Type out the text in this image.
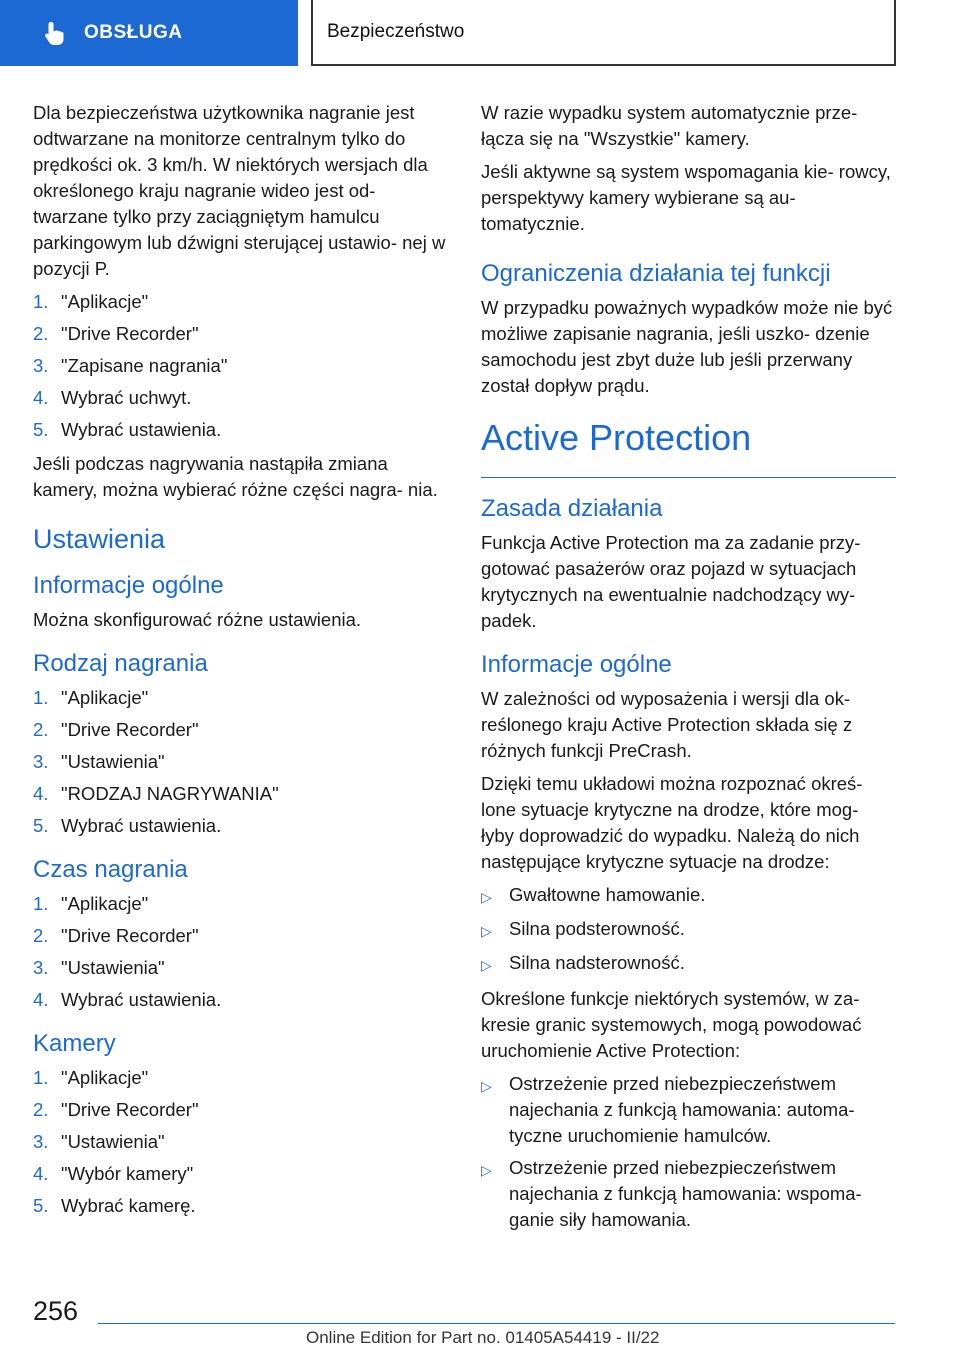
OBSŁUGA	Bezpieczeństwo

Dla bezpieczeństwa użytkownika nagranie jest odtwarzane na monitorze centralnym tylko do prędkości ok. 3 km/h. W niektórych wersjach dla określonego kraju nagranie wideo jest od‐ twarzane tylko przy zaciągniętym hamulcu parkingowym lub dźwigni sterującej ustawio‐ nej w pozycji P.

1. "Aplikacje"
2. "Drive Recorder"
3. "Zapisane nagrania"
4. Wybrać uchwyt.
5. Wybrać ustawienia.

Jeśli podczas nagrywania nastąpiła zmiana kamery, można wybierać różne części nagra‐ nia.

Ustawienia
Informacje ogólne

Można skonfigurować różne ustawienia.

Rodzaj nagrania
1. "Aplikacje"
2. "Drive Recorder"
3. "Ustawienia"
4. "RODZAJ NAGRYWANIA"
5. Wybrać ustawienia.
Czas nagrania
1. "Aplikacje"
2. "Drive Recorder"
3. "Ustawienia"
4. Wybrać ustawienia.
Kamery
1. "Aplikacje"
2. "Drive Recorder"
3. "Ustawienia"
4. "Wybór kamery"
5. Wybrać kamerę.

W razie wypadku system automatycznie prze‐ łącza się na "Wszystkie" kamery.

Jeśli aktywne są system wspomagania kie‐ rowcy, perspektywy kamery wybierane są au‐ tomatycznie.

Ograniczenia działania tej funkcji

W przypadku poważnych wypadków może nie być możliwe zapisanie nagrania, jeśli uszko‐ dzenie samochodu jest zbyt duże lub jeśli przerwany został dopływ prądu.

Active Protection
Zasada działania

Funkcja Active Protection ma za zadanie przy‐ gotować pasażerów oraz pojazd w sytuacjach krytycznych na ewentualnie nadchodzący wy‐ padek.

Informacje ogólne

W zależności od wyposażenia i wersji dla ok‐ reślonego kraju Active Protection składa się z różnych funkcji PreCrash.

Dzięki temu układowi można rozpoznać okreś‐ lone sytuacje krytyczne na drodze, które mog‐ łyby doprowadzić do wypadku. Należą do nich następujące krytyczne sytuacje na drodze:

▷ Gwałtowne hamowanie.
▷ Silna podsterowność.
▷ Silna nadsterowność.

Określone funkcje niektórych systemów, w za‐ kresie granic systemowych, mogą powodować uruchomienie Active Protection:

▷ Ostrzeżenie przed niebezpieczeństwem najechania z funkcją hamowania: automa‐ tyczne uruchomienie hamulców.
▷ Ostrzeżenie przed niebezpieczeństwem najechania z funkcją hamowania: wspoma‐ ganie siły hamowania.
256
Online Edition for Part no. 01405A54419 - II/22
